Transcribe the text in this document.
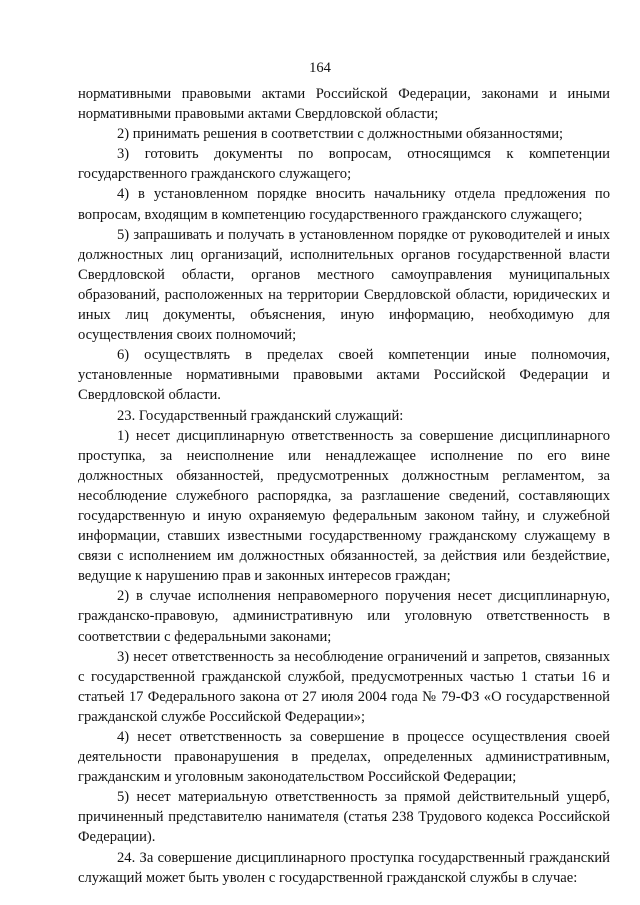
164

нормативными правовыми актами Российской Федерации, законами и иными нормативными правовыми актами Свердловской области;

2) принимать решения в соответствии с должностными обязанностями;

3) готовить документы по вопросам, относящимся к компетенции государственного гражданского служащего;

4) в установленном порядке вносить начальнику отдела предложения по вопросам, входящим в компетенцию государственного гражданского служащего;

5) запрашивать и получать в установленном порядке от руководителей и иных должностных лиц организаций, исполнительных органов государственной власти Свердловской области, органов местного самоуправления муниципальных образований, расположенных на территории Свердловской области, юридических и иных лиц документы, объяснения, иную информацию, необходимую для осуществления своих полномочий;

6) осуществлять в пределах своей компетенции иные полномочия, установленные нормативными правовыми актами Российской Федерации и Свердловской области.

23. Государственный гражданский служащий:

1) несет дисциплинарную ответственность за совершение дисциплинарного проступка, за неисполнение или ненадлежащее исполнение по его вине должностных обязанностей, предусмотренных должностным регламентом, за несоблюдение служебного распорядка, за разглашение сведений, составляющих государственную и иную охраняемую федеральным законом тайну, и служебной информации, ставших известными государственному гражданскому служащему в связи с исполнением им должностных обязанностей, за действия или бездействие, ведущие к нарушению прав и законных интересов граждан;

2) в случае исполнения неправомерного поручения несет дисциплинарную, гражданско-правовую, административную или уголовную ответственность в соответствии с федеральными законами;

3) несет ответственность за несоблюдение ограничений и запретов, связанных с государственной гражданской службой, предусмотренных частью 1 статьи 16 и статьей 17 Федерального закона от 27 июля 2004 года № 79-ФЗ «О государственной гражданской службе Российской Федерации»;

4) несет ответственность за совершение в процессе осуществления своей деятельности правонарушения в пределах, определенных административным, гражданским и уголовным законодательством Российской Федерации;

5) несет материальную ответственность за прямой действительный ущерб, причиненный представителю нанимателя (статья 238 Трудового кодекса Российской Федерации).

24. За совершение дисциплинарного проступка государственный гражданский служащий может быть уволен с государственной гражданской службы в случае:
